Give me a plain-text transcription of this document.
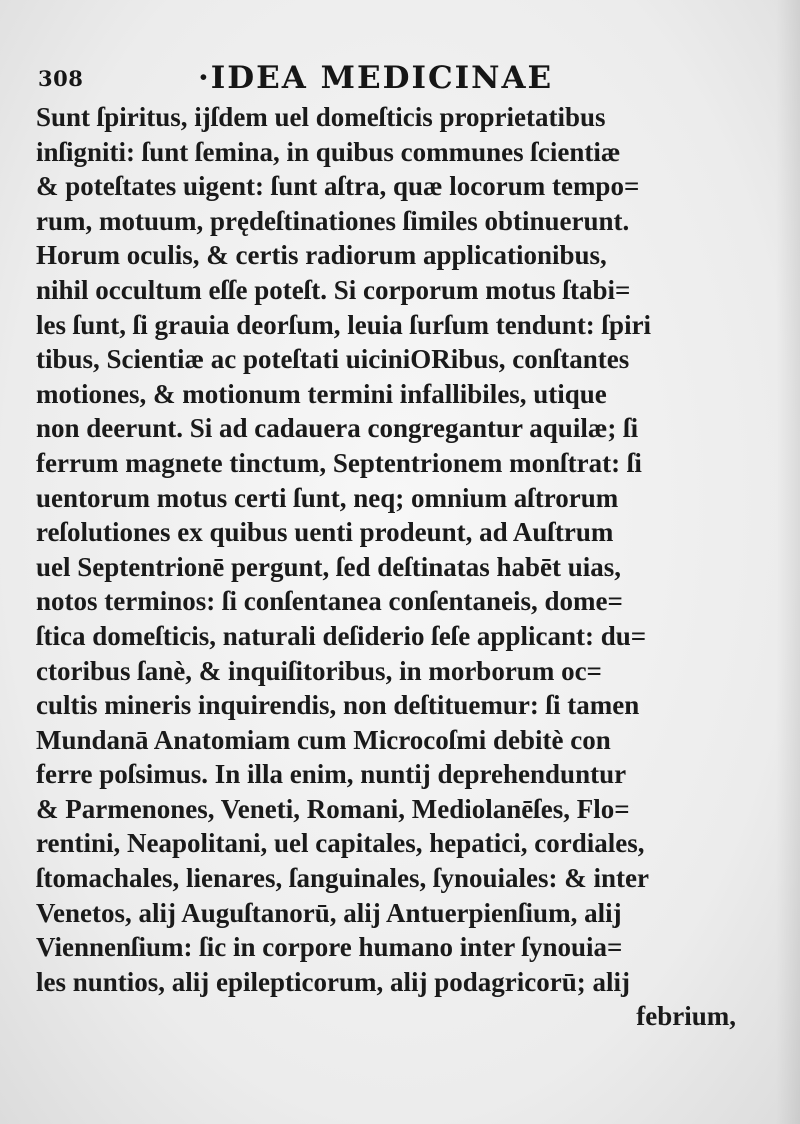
308	·IDEA MEDICINAE
Sunt ſpiritus, ijſdem uel domeſticis proprietatibus
inſigniti: ſunt ſemina, in quibus communes ſcientiæ
& poteſtates uigent: ſunt aſtra, quæ locorum tempo=
rum, motuum, prędeſtinationes ſimiles obtinuerunt.
Horum oculis, & certis radiorum applicationibus,
nihil occultum eſſe poteſt. Si corporum motus ſtabi=
les ſunt, ſi grauia deorſum, leuia ſurſum tendunt: ſpiri
tibus, Scientiæ ac poteſtati uiciniORibus, conſtantes
motiones, & motionum termini infallibiles, utique
non deerunt. Si ad cadauera congregantur aquilæ; ſi
ferrum magnete tinctum, Septentrionem monſtrat: ſi
uentorum motus certi ſunt, neq; omnium aſtrorum
reſolutiones ex quibus uenti prodeunt, ad Auſtrum
uel Septentrionē pergunt, ſed deſtinatas habēt uias,
notos terminos: ſi conſentanea conſentaneis, dome=
ſtica domeſticis, naturali deſiderio ſeſe applicant: du=
ctoribus ſanè, & inquiſitoribus, in morborum oc=
cultis mineris inquirendis, non deſtituemur: ſi tamen
Mundanā Anatomiam cum Microcoſmi debitè con
ferre poſsimus. In illa enim, nuntij deprehenduntur
& Parmenones, Veneti, Romani, Mediolanēſes, Flo=
rentini, Neapolitani, uel capitales, hepatici, cordiales,
ſtomachales, lienares, ſanguinales, ſynouiales: & inter
Venetos, alij Auguſtanorū, alij Antuerpienſium, alij
Viennenſium: ſic in corpore humano inter ſynouia=
les nuntios, alij epilepticorum, alij podagricorū; alij
febrium,
